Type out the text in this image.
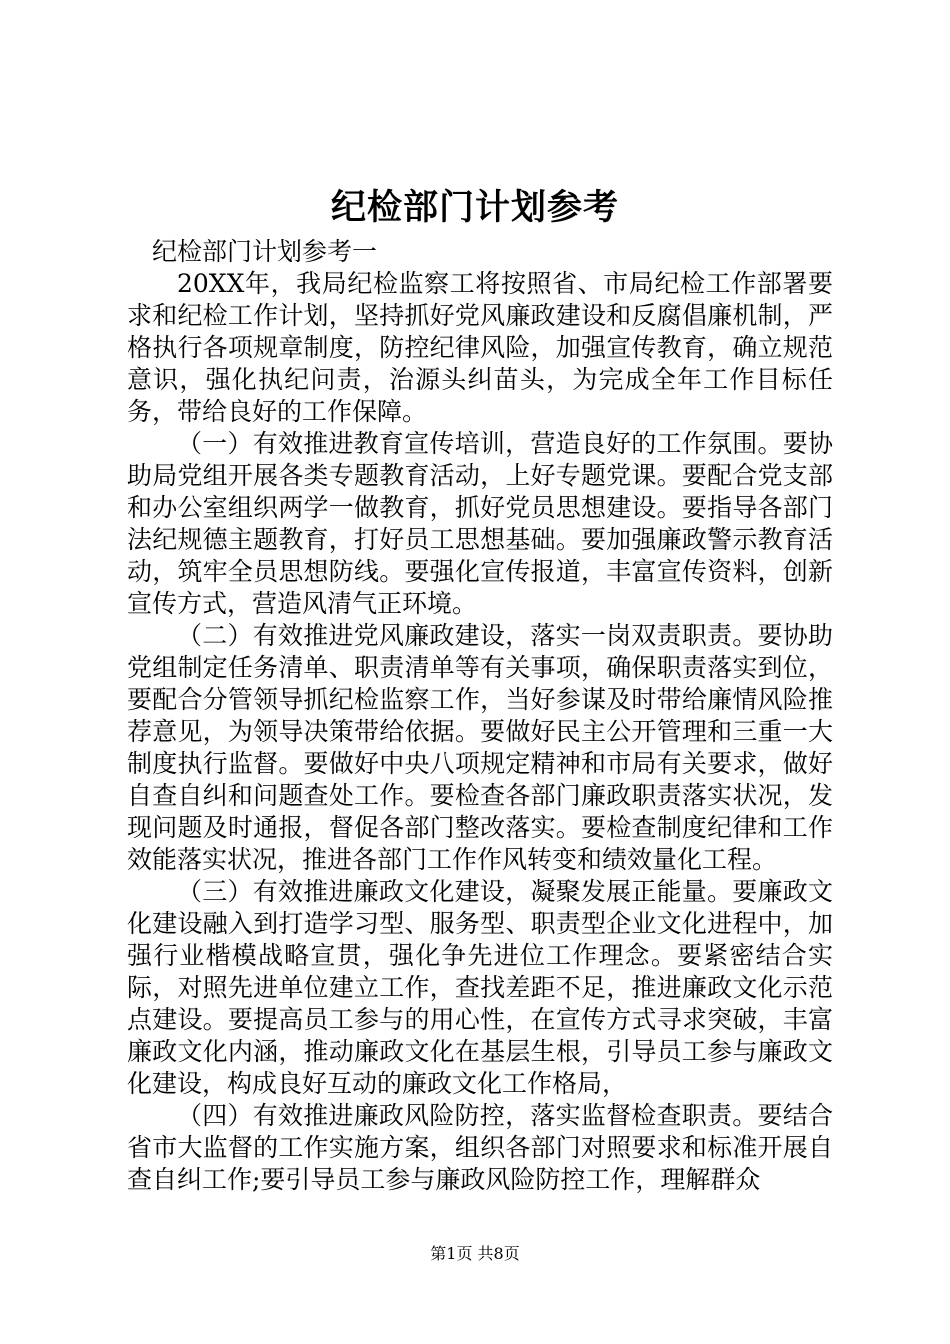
纪检部门计划参考

纪检部门计划参考一

20XX年，我局纪检监察工将按照省、市局纪检工作部署要求和纪检工作计划，坚持抓好党风廉政建设和反腐倡廉机制，严格执行各项规章制度，防控纪律风险，加强宣传教育，确立规范意识，强化执纪问责，治源头纠苗头，为完成全年工作目标任务，带给良好的工作保障。

（一）有效推进教育宣传培训，营造良好的工作氛围。要协助局党组开展各类专题教育活动，上好专题党课。要配合党支部和办公室组织两学一做教育，抓好党员思想建设。要指导各部门法纪规德主题教育，打好员工思想基础。要加强廉政警示教育活动，筑牢全员思想防线。要强化宣传报道，丰富宣传资料，创新宣传方式，营造风清气正环境。

（二）有效推进党风廉政建设，落实一岗双责职责。要协助党组制定任务清单、职责清单等有关事项，确保职责落实到位，要配合分管领导抓纪检监察工作，当好参谋及时带给廉情风险推荐意见，为领导决策带给依据。要做好民主公开管理和三重一大制度执行监督。要做好中央八项规定精神和市局有关要求，做好自查自纠和问题查处工作。要检查各部门廉政职责落实状况，发现问题及时通报，督促各部门整改落实。要检查制度纪律和工作效能落实状况，推进各部门工作作风转变和绩效量化工程。

（三）有效推进廉政文化建设，凝聚发展正能量。要廉政文化建设融入到打造学习型、服务型、职责型企业文化进程中，加强行业楷模战略宣贯，强化争先进位工作理念。要紧密结合实际，对照先进单位建立工作，查找差距不足，推进廉政文化示范点建设。要提高员工参与的用心性，在宣传方式寻求突破，丰富廉政文化内涵，推动廉政文化在基层生根，引导员工参与廉政文化建设，构成良好互动的廉政文化工作格局，

（四）有效推进廉政风险防控，落实监督检查职责。要结合省市大监督的工作实施方案，组织各部门对照要求和标准开展自查自纠工作;要引导员工参与廉政风险防控工作，理解群众

第1页 共8页
